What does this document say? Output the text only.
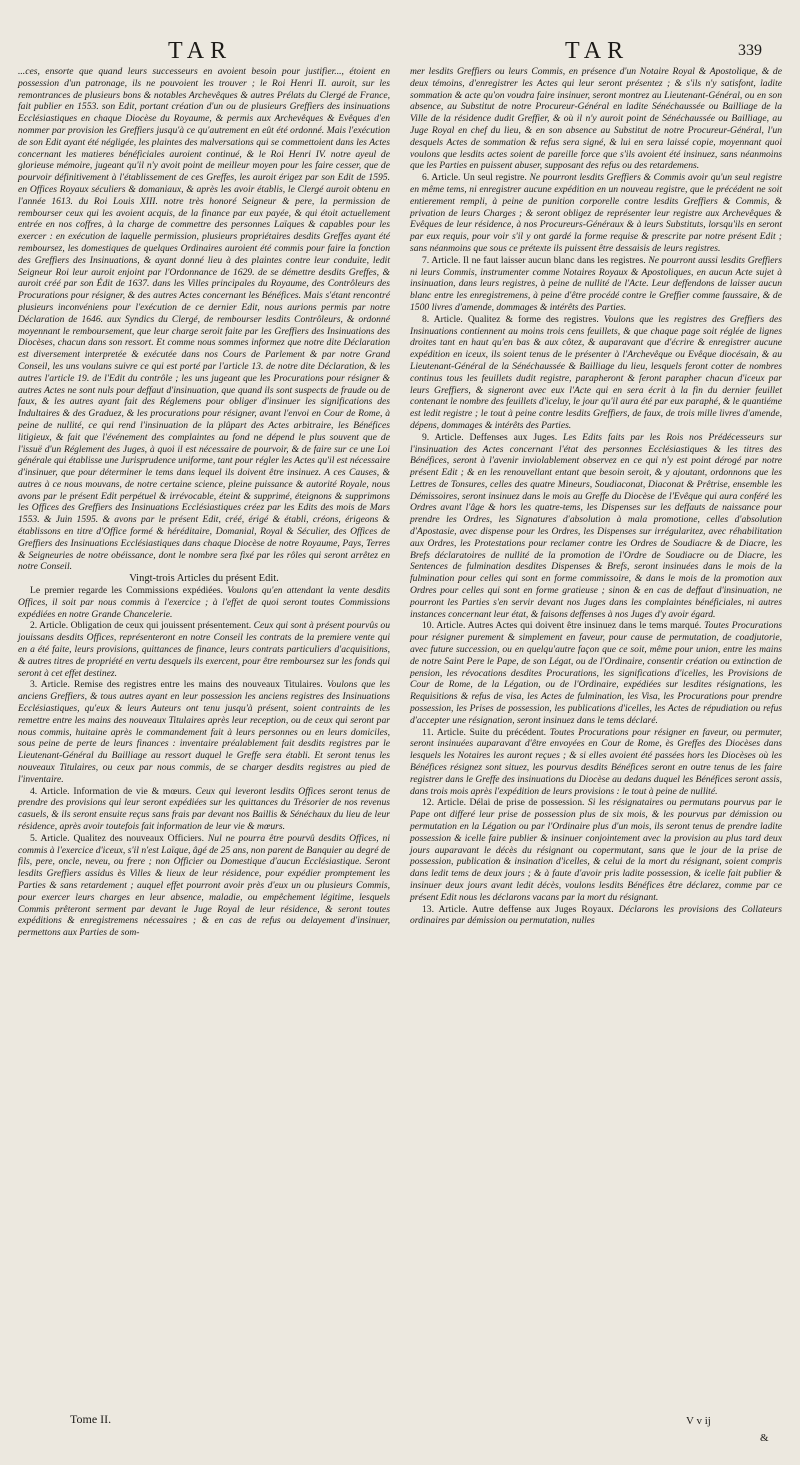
TAR	TAR	339

...ces, ensorte que quand leurs successeurs en avoient besoin pour justifier..., étoient en possession d'un patronage, ils ne pouvoient les trouver ; le Roi Henri II. auroit, sur les remontrances de plusieurs bons & notables Archevêques & autres Prélats du Clergé de France, fait publier en 1553. son Edit, portant création d'un ou de plusieurs Greffiers des insinuations Ecclésiastiques en chaque Diocèse du Royaume, & permis aux Archevêques & Evêques d'en nommer par provision les Greffiers jusqu'à ce qu'autrement en eût été ordonné. Mais l'exécution de son Edit ayant été négligée, les plaintes des malversations qui se commettoient dans les Actes concernant les matieres bénéficiales auroient continué, & le Roi Henri IV. notre ayeul de glorieuse mémoire, jugeant qu'il n'y avoit point de meilleur moyen pour les faire cesser, que de pourvoir définitivement à l'établissement de ces Greffes, les auroit érigez par son Edit de 1595. en Offices Royaux séculiers & domaniaux, & après les avoir établis, le Clergé auroit obtenu en l'année 1613. du Roi Louis XIII. notre très honoré Seigneur & pere, la permission de rembourser ceux qui les avoient acquis, de la finance par eux payée, & qui étoit actuellement entrée en nos coffres, à la charge de commettre des personnes Laïques & capables pour les exercer : en exécution de laquelle permission, plusieurs propriétaires desdits Greffes ayant été remboursez, les domestiques de quelques Ordinaires auroient été commis pour faire la fonction des Greffiers des Insinuations, & ayant donné lieu à des plaintes contre leur conduite, ledit Seigneur Roi leur auroit enjoint par l'Ordonnance de 1629. de se démettre desdits Greffes, & auroit créé par son Édit de 1637. dans les Villes principales du Royaume, des Contrôleurs des Procurations pour résigner, & des autres Actes concernant les Bénéfices. Mais s'étant rencontré plusieurs inconvéniens pour l'exécution de ce dernier Edit, nous aurions permis par notre Déclaration de 1646. aux Syndics du Clergé, de rembourser lesdits Contrôleurs, & ordonné moyennant le remboursement, que leur charge seroit faite par les Greffiers des Insinuations des Diocèses, chacun dans son ressort. Et comme nous sommes informez que notre dite Déclaration est diversement interpretée & exécutée dans nos Cours de Parlement & par notre Grand Conseil, les uns voulans suivre ce qui est porté par l'article 13. de notre dite Déclaration, & les autres l'article 19. de l'Edit du contrôle ; les uns jugeant que les Procurations pour résigner & autres Actes ne sont nuls pour deffaut d'insinuation, que quand ils sont suspects de fraude ou de faux, & les autres ayant fait des Réglemens pour obliger d'insinuer les significations des Indultaires & des Graduez, & les procurations pour résigner, avant l'envoi en Cour de Rome, à peine de nullité, ce qui rend l'insinuation de la plûpart des Actes arbitraire, les Bénéfices litigieux, & fait que l'événement des complaintes au fond ne dépend le plus souvent que de l'issuë d'un Réglement des Juges, à quoi il est nécessaire de pourvoir, & de faire sur ce une Loi générale qui établisse une Jurisprudence uniforme, tant pour régler les Actes qu'il est nécessaire d'insinuer, que pour déterminer le tems dans lequel ils doivent être insinuez. A ces Causes, & autres à ce nous mouvans, de notre certaine science, pleine puissance & autorité Royale, nous avons par le présent Edit perpétuel & irrévocable, éteint & supprimé, éteignons & supprimons les Offices des Greffiers des Insinuations Ecclésiastiques créez par les Edits des mois de Mars 1553. & Juin 1595. & avons par le présent Edit, créé, érigé & établi, créons, érigeons & établissons en titre d'Office formé & héréditaire, Domanial, Royal & Séculier, des Offices de Greffiers des Insinuations Ecclésiastiques dans chaque Diocèse de notre Royaume, Pays, Terres & Seigneuries de notre obéissance, dont le nombre sera fixé par les rôles qui seront arrêtez en notre Conseil.

Vingt-trois Articles du présent Edit.

Le premier regarde les Commissions expédiées. Voulons qu'en attendant la vente desdits Offices, il soit par nous commis à l'exercice ; à l'effet de quoi seront toutes Commissions expédiées en notre Grande Chancelerie.

2. Article. Obligation de ceux qui jouissent présentement. Ceux qui sont à présent pourvûs ou jouissans desdits Offices, représenteront en notre Conseil les contrats de la premiere vente qui en a été faite, leurs provisions, quittances de finance, leurs contrats particuliers d'acquisitions, & autres titres de propriété en vertu desquels ils exercent, pour être remboursez sur les fonds qui seront à cet effet destinez.

3. Article. Remise des registres entre les mains des nouveaux Titulaires. Voulons que les anciens Greffiers, & tous autres ayant en leur possession les anciens registres des Insinuations Ecclésiastiques, qu'eux & leurs Auteurs ont tenu jusqu'à présent, soient contraints de les remettre entre les mains des nouveaux Titulaires après leur reception, ou de ceux qui seront par nous commis, huitaine après le commandement fait à leurs personnes ou en leurs domiciles, sous peine de perte de leurs finances : inventaire préalablement fait desdits registres par le Lieutenant-Général du Bailliage au ressort duquel le Greffe sera établi. Et seront tenus les nouveaux Titulaires, ou ceux par nous commis, de se charger desdits registres au pied de l'inventaire.

4. Article. Information de vie & mœurs. Ceux qui leveront lesdits Offices seront tenus de prendre des provisions qui leur seront expédiées sur les quittances du Trésorier de nos revenus casuels, & ils seront ensuite reçus sans frais par devant nos Baillis & Sénéchaux du lieu de leur résidence, après avoir toutefois fait information de leur vie & mœurs.

5. Article. Qualitez des nouveaux Officiers. Nul ne pourra être pourvû desdits Offices, ni commis à l'exercice d'iceux, s'il n'est Laïque, âgé de 25 ans, non parent de Banquier au degré de fils, pere, oncle, neveu, ou frere ; non Officier ou Domestique d'aucun Ecclésiastique. Seront lesdits Greffiers assidus ès Villes & lieux de leur résidence, pour expédier promptement les Parties & sans retardement ; auquel effet pourront avoir près d'eux un ou plusieurs Commis, pour exercer leurs charges en leur absence, maladie, ou empêchement légitime, lesquels Commis prêteront serment par devant le Juge Royal de leur résidence, & seront toutes expéditions & enregistremens nécessaires ; & en cas de refus ou delayement d'insinuer, permettons aux Parties de som-

mer lesdits Greffiers ou leurs Commis, en présence d'un Notaire Royal & Apostolique, & de deux témoins, d'enregistrer les Actes qui leur seront présentez ; & s'ils n'y satisfont, ladite sommation & acte qu'on voudra faire insinuer, seront montrez au Lieutenant-Général, ou en son absence, au Substitut de notre Procureur-Général en ladite Sénéchaussée ou Bailliage de la Ville de la résidence dudit Greffier, & où il n'y auroit point de Sénéchaussée ou Bailliage, au Juge Royal en chef du lieu, & en son absence au Substitut de notre Procureur-Général, l'un desquels Actes de sommation & refus sera signé, & lui en sera laissé copie, moyennant quoi voulons que lesdits actes soient de pareille force que s'ils avoient été insinuez, sans néanmoins que les Parties en puissent abuser, supposant des refus ou des retardemens.

6. Article. Un seul registre. Ne pourront lesdits Greffiers & Commis avoir qu'un seul registre en même tems, ni enregistrer aucune expédition en un nouveau registre, que le précédent ne soit entierement rempli, à peine de punition corporelle contre lesdits Greffiers & Commis, & privation de leurs Charges ; & seront obligez de représenter leur registre aux Archevêques & Evêques de leur résidence, à nos Procureurs-Généraux & à leurs Substituts, lorsqu'ils en seront par eux requis, pour voir s'il y ont gardé la forme requise & prescrite par notre présent Edit ; sans néanmoins que sous ce prétexte ils puissent être dessaisis de leurs registres.

7. Article. Il ne faut laisser aucun blanc dans les registres. Ne pourront aussi lesdits Greffiers ni leurs Commis, instrumenter comme Notaires Royaux & Apostoliques, en aucun Acte sujet à insinuation, dans leurs registres, à peine de nullité de l'Acte. Leur deffendons de laisser aucun blanc entre les enregistremens, à peine d'être procédé contre le Greffier comme faussaire, & de 1500 livres d'amende, dommages & intérêts des Parties.

8. Article. Qualitez & forme des registres. Voulons que les registres des Greffiers des Insinuations contiennent au moins trois cens feuillets, & que chaque page soit réglée de lignes droites tant en haut qu'en bas & aux côtez, & auparavant que d'écrire & enregistrer aucune expédition en iceux, ils soient tenus de le présenter à l'Archevêque ou Evêque diocésain, & au Lieutenant-Général de la Sénéchaussée & Bailliage du lieu, lesquels feront cotter de nombres continus tous les feuillets dudit registre, parapheront & feront parapher chacun d'iceux par leurs Greffiers, & signeront avec eux l'Acte qui en sera écrit à la fin du dernier feuillet contenant le nombre des feuillets d'iceluy, le jour qu'il aura été par eux paraphé, & le quantiéme est ledit registre ; le tout à peine contre lesdits Greffiers, de faux, de trois mille livres d'amende, dépens, dommages & intérêts des Parties.

9. Article. Deffenses aux Juges. Les Edits faits par les Rois nos Prédécesseurs sur l'insinuation des Actes concernant l'état des personnes Ecclésiastiques & les titres des Bénéfices, seront à l'avenir inviolablement observez en ce qui n'y est point dérogé par notre présent Edit ; & en les renouvellant entant que besoin seroit, & y ajoutant, ordonnons que les Lettres de Tonsures, celles des quatre Mineurs, Soudiaconat, Diaconat & Prêtrise, ensemble les Démissoires, seront insinuez dans le mois au Greffe du Diocèse de l'Evêque qui aura conféré les Ordres avant l'âge & hors les quatre-tems, les Dispenses sur les deffauts de naissance pour prendre les Ordres, les Signatures d'absolution à mala promotione, celles d'absolution d'Apostasie, avec dispense pour les Ordres, les Dispenses sur irrégularitez, avec réhabilitation aux Ordres, les Protestations pour reclamer contre les Ordres de Soudiacre & de Diacre, les Brefs déclaratoires de nullité de la promotion de l'Ordre de Soudiacre ou de Diacre, les Sentences de fulmination desdites Dispenses & Brefs, seront insinuées dans le mois de la fulmination pour celles qui sont en forme commissoire, & dans le mois de la promotion aux Ordres pour celles qui sont en forme gratieuse ; sinon & en cas de deffaut d'insinuation, ne pourront les Parties s'en servir devant nos Juges dans les complaintes bénéficiales, ni autres instances concernant leur état, & faisons deffenses à nos Juges d'y avoir égard.

10. Article. Autres Actes qui doivent être insinuez dans le tems marqué. Toutes Procurations pour résigner purement & simplement en faveur, pour cause de permutation, de coadjutorie, avec future succession, ou en quelqu'autre façon que ce soit, même pour union, entre les mains de notre Saint Pere le Pape, de son Légat, ou de l'Ordinaire, consentir création ou extinction de pension, les révocations desdites Procurations, les significations d'icelles, les Provisions de Cour de Rome, de la Légation, ou de l'Ordinaire, expédiées sur lesdites résignations, les Requisitions & refus de visa, les Actes de fulmination, les Visa, les Procurations pour prendre possession, les Prises de possession, les publications d'icelles, les Actes de répudiation ou refus d'accepter une résignation, seront insinuez dans le tems déclaré.

11. Article. Suite du précédent. Toutes Procurations pour résigner en faveur, ou permuter, seront insinuées auparavant d'être envoyées en Cour de Rome, ès Greffes des Diocèses dans lesquels les Notaires les auront reçues ; & si elles avoient été passées hors les Diocèses où les Bénéfices résignez sont situez, les pourvus desdits Bénéfices seront en outre tenus de les faire registrer dans le Greffe des insinuations du Diocèse au dedans duquel les Bénéfices seront assis, dans trois mois après l'expédition de leurs provisions : le tout à peine de nullité.

12. Article. Délai de prise de possession. Si les résignataires ou permutans pourvus par le Pape ont differé leur prise de possession plus de six mois, & les pourvus par démission ou permutation en la Légation ou par l'Ordinaire plus d'un mois, ils seront tenus de prendre ladite possession & icelle faire publier & insinuer conjointement avec la provision au plus tard deux jours auparavant le décès du résignant ou copermutant, sans que le jour de la prise de possession, publication & insination d'icelles, & celui de la mort du résignant, soient compris dans ledit tems de deux jours ; & à faute d'avoir pris ladite possession, & icelle fait publier & insinuer deux jours avant ledit décès, voulons lesdits Bénéfices être déclarez, comme par ce présent Edit nous les déclarons vacans par la mort du résignant.

13. Article. Autre deffense aux Juges Royaux. Déclarons les provisions des Collateurs ordinaires par démission ou permutation, nulles

Tome II.	V v ij
&
